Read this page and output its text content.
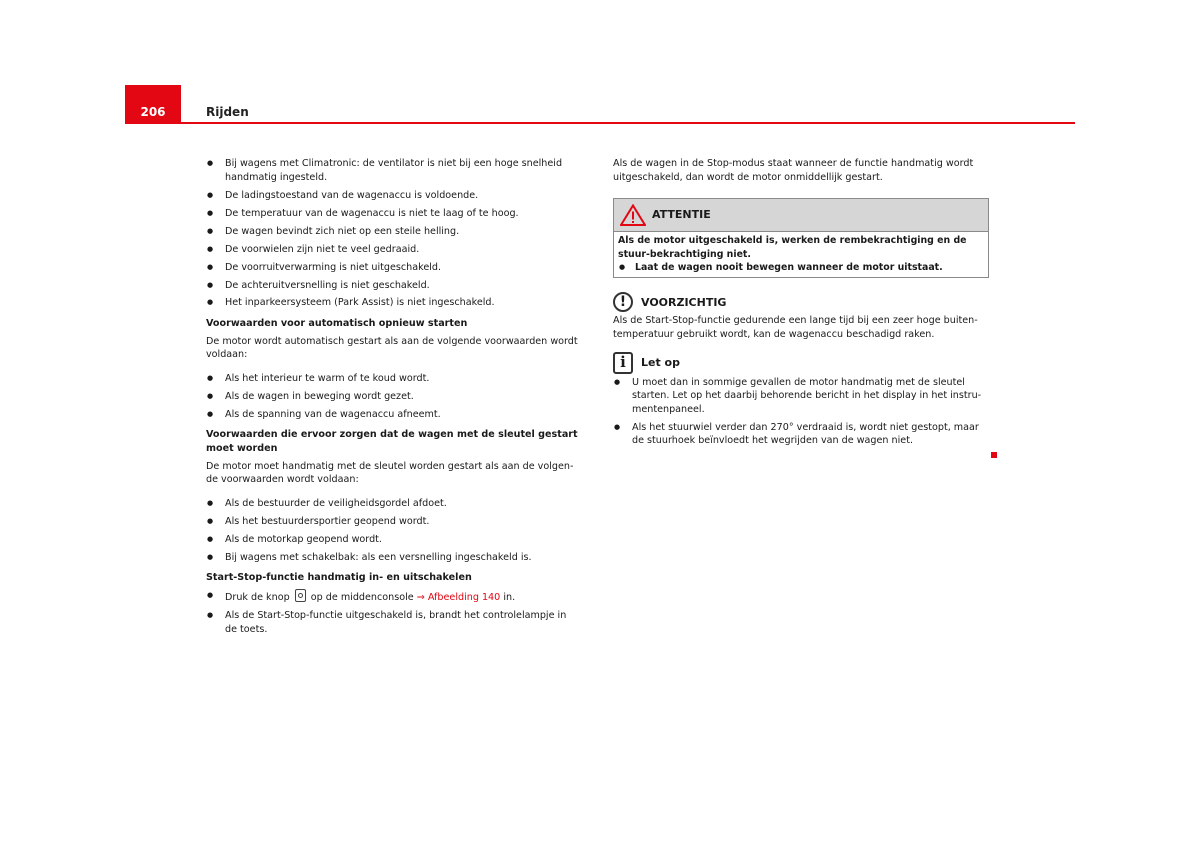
206	Rijden
● Bij wagens met Climatronic: de ventilator is niet bij een hoge snelheid handmatig ingesteld.
● De ladingstoestand van de wagenaccu is voldoende.
● De temperatuur van de wagenaccu is niet te laag of te hoog.
● De wagen bevindt zich niet op een steile helling.
● De voorwielen zijn niet te veel gedraaid.
● De voorruitverwarming is niet uitgeschakeld.
● De achteruitversnelling is niet geschakeld.
● Het inparkeersysteem (Park Assist) is niet ingeschakeld.
Voorwaarden voor automatisch opnieuw starten
De motor wordt automatisch gestart als aan de volgende voorwaarden wordt voldaan:
● Als het interieur te warm of te koud wordt.
● Als de wagen in beweging wordt gezet.
● Als de spanning van de wagenaccu afneemt.
Voorwaarden die ervoor zorgen dat de wagen met de sleutel gestart moet worden
De motor moet handmatig met de sleutel worden gestart als aan de volgen-de voorwaarden wordt voldaan:
● Als de bestuurder de veiligheidsgordel afdoet.
● Als het bestuurdersportier geopend wordt.
● Als de motorkap geopend wordt.
● Bij wagens met schakelbak: als een versnelling ingeschakeld is.
Start-Stop-functie handmatig in- en uitschakelen
● Druk de knop op de middenconsole ⇒ Afbeelding 140 in.
● Als de Start-Stop-functie uitgeschakeld is, brandt het controlelampje in de toets.
Als de wagen in de Stop-modus staat wanneer de functie handmatig wordt uitgeschakeld, dan wordt de motor onmiddellijk gestart.
ATTENTIE
Als de motor uitgeschakeld is, werken de rembekrachtiging en de stuur-bekrachtiging niet.
● Laat de wagen nooit bewegen wanneer de motor uitstaat.
!	VOORZICHTIG
Als de Start-Stop-functie gedurende een lange tijd bij een zeer hoge buiten-temperatuur gebruikt wordt, kan de wagenaccu beschadigd raken.
i	Let op
● U moet dan in sommige gevallen de motor handmatig met de sleutel starten. Let op het daarbij behorende bericht in het display in het instru-mentenpaneel.
● Als het stuurwiel verder dan 270° verdraaid is, wordt niet gestopt, maar de stuurhoek beïnvloedt het wegrijden van de wagen niet.
